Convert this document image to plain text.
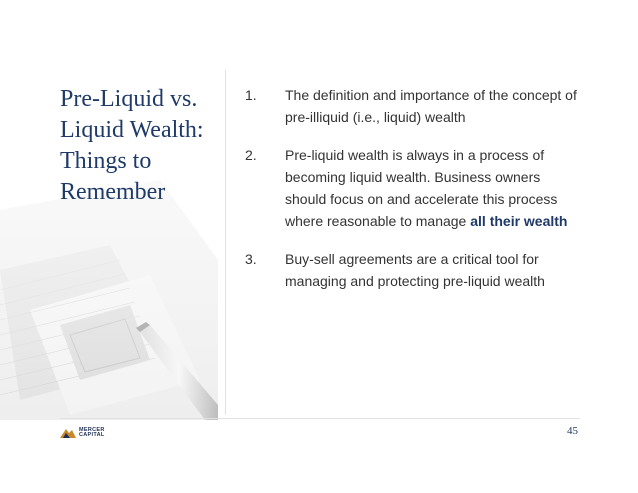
Pre-Liquid vs. Liquid Wealth: Things to Remember
1.	The definition and importance of the concept of pre-illiquid (i.e., liquid) wealth
2.	Pre-liquid wealth is always in a process of becoming liquid wealth. Business owners should focus on and accelerate this process where reasonable to manage all their wealth
3.	Buy-sell agreements are a critical tool for managing and protecting pre-liquid wealth
MERCER
CAPITAL	45
